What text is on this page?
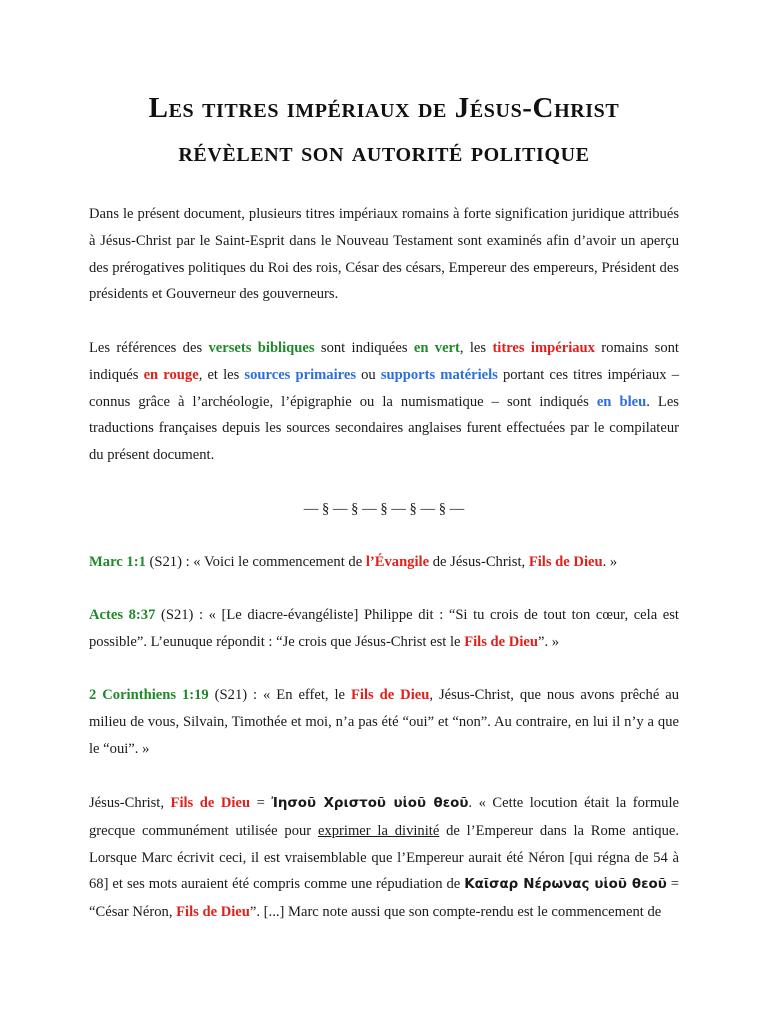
Les titres impériaux de Jésus-Christ
révèlent son autorité politique

Dans le présent document, plusieurs titres impériaux romains à forte signification juridique attribués à Jésus-Christ par le Saint-Esprit dans le Nouveau Testament sont examinés afin d’avoir un aperçu des prérogatives politiques du Roi des rois, César des césars, Empereur des empereurs, Président des présidents et Gouverneur des gouverneurs.

Les références des versets bibliques sont indiquées en vert, les titres impériaux romains sont indiqués en rouge, et les sources primaires ou supports matériels portant ces titres impériaux – connus grâce à l’archéologie, l’épigraphie ou la numismatique – sont indiqués en bleu. Les traductions françaises depuis les sources secondaires anglaises furent effectuées par le compilateur du présent document.

— § — § — § — § — § —

Marc 1:1 (S21) : « Voici le commencement de l’Évangile de Jésus-Christ, Fils de Dieu. »

Actes 8:37 (S21) : « [Le diacre-évangéliste] Philippe dit : “Si tu crois de tout ton cœur, cela est possible”. L’eunuque répondit : “Je crois que Jésus-Christ est le Fils de Dieu”. »

2 Corinthiens 1:19 (S21) : « En effet, le Fils de Dieu, Jésus-Christ, que nous avons prêché au milieu de vous, Silvain, Timothée et moi, n’a pas été “oui” et “non”. Au contraire, en lui il n’y a que le “oui”. »

Jésus-Christ, Fils de Dieu = Ἰησοῦ Χριστοῦ υἱοῦ θεοῦ. « Cette locution était la formule grecque communément utilisée pour exprimer la divinité de l’Empereur dans la Rome antique. Lorsque Marc écrivit ceci, il est vraisemblable que l’Empereur aurait été Néron [qui régna de 54 à 68] et ses mots auraient été compris comme une répudiation de Καῖσαρ Νέρωνας υἱοῦ θεοῦ = “César Néron, Fils de Dieu”. [...] Marc note aussi que son compte-rendu est le commencement de
